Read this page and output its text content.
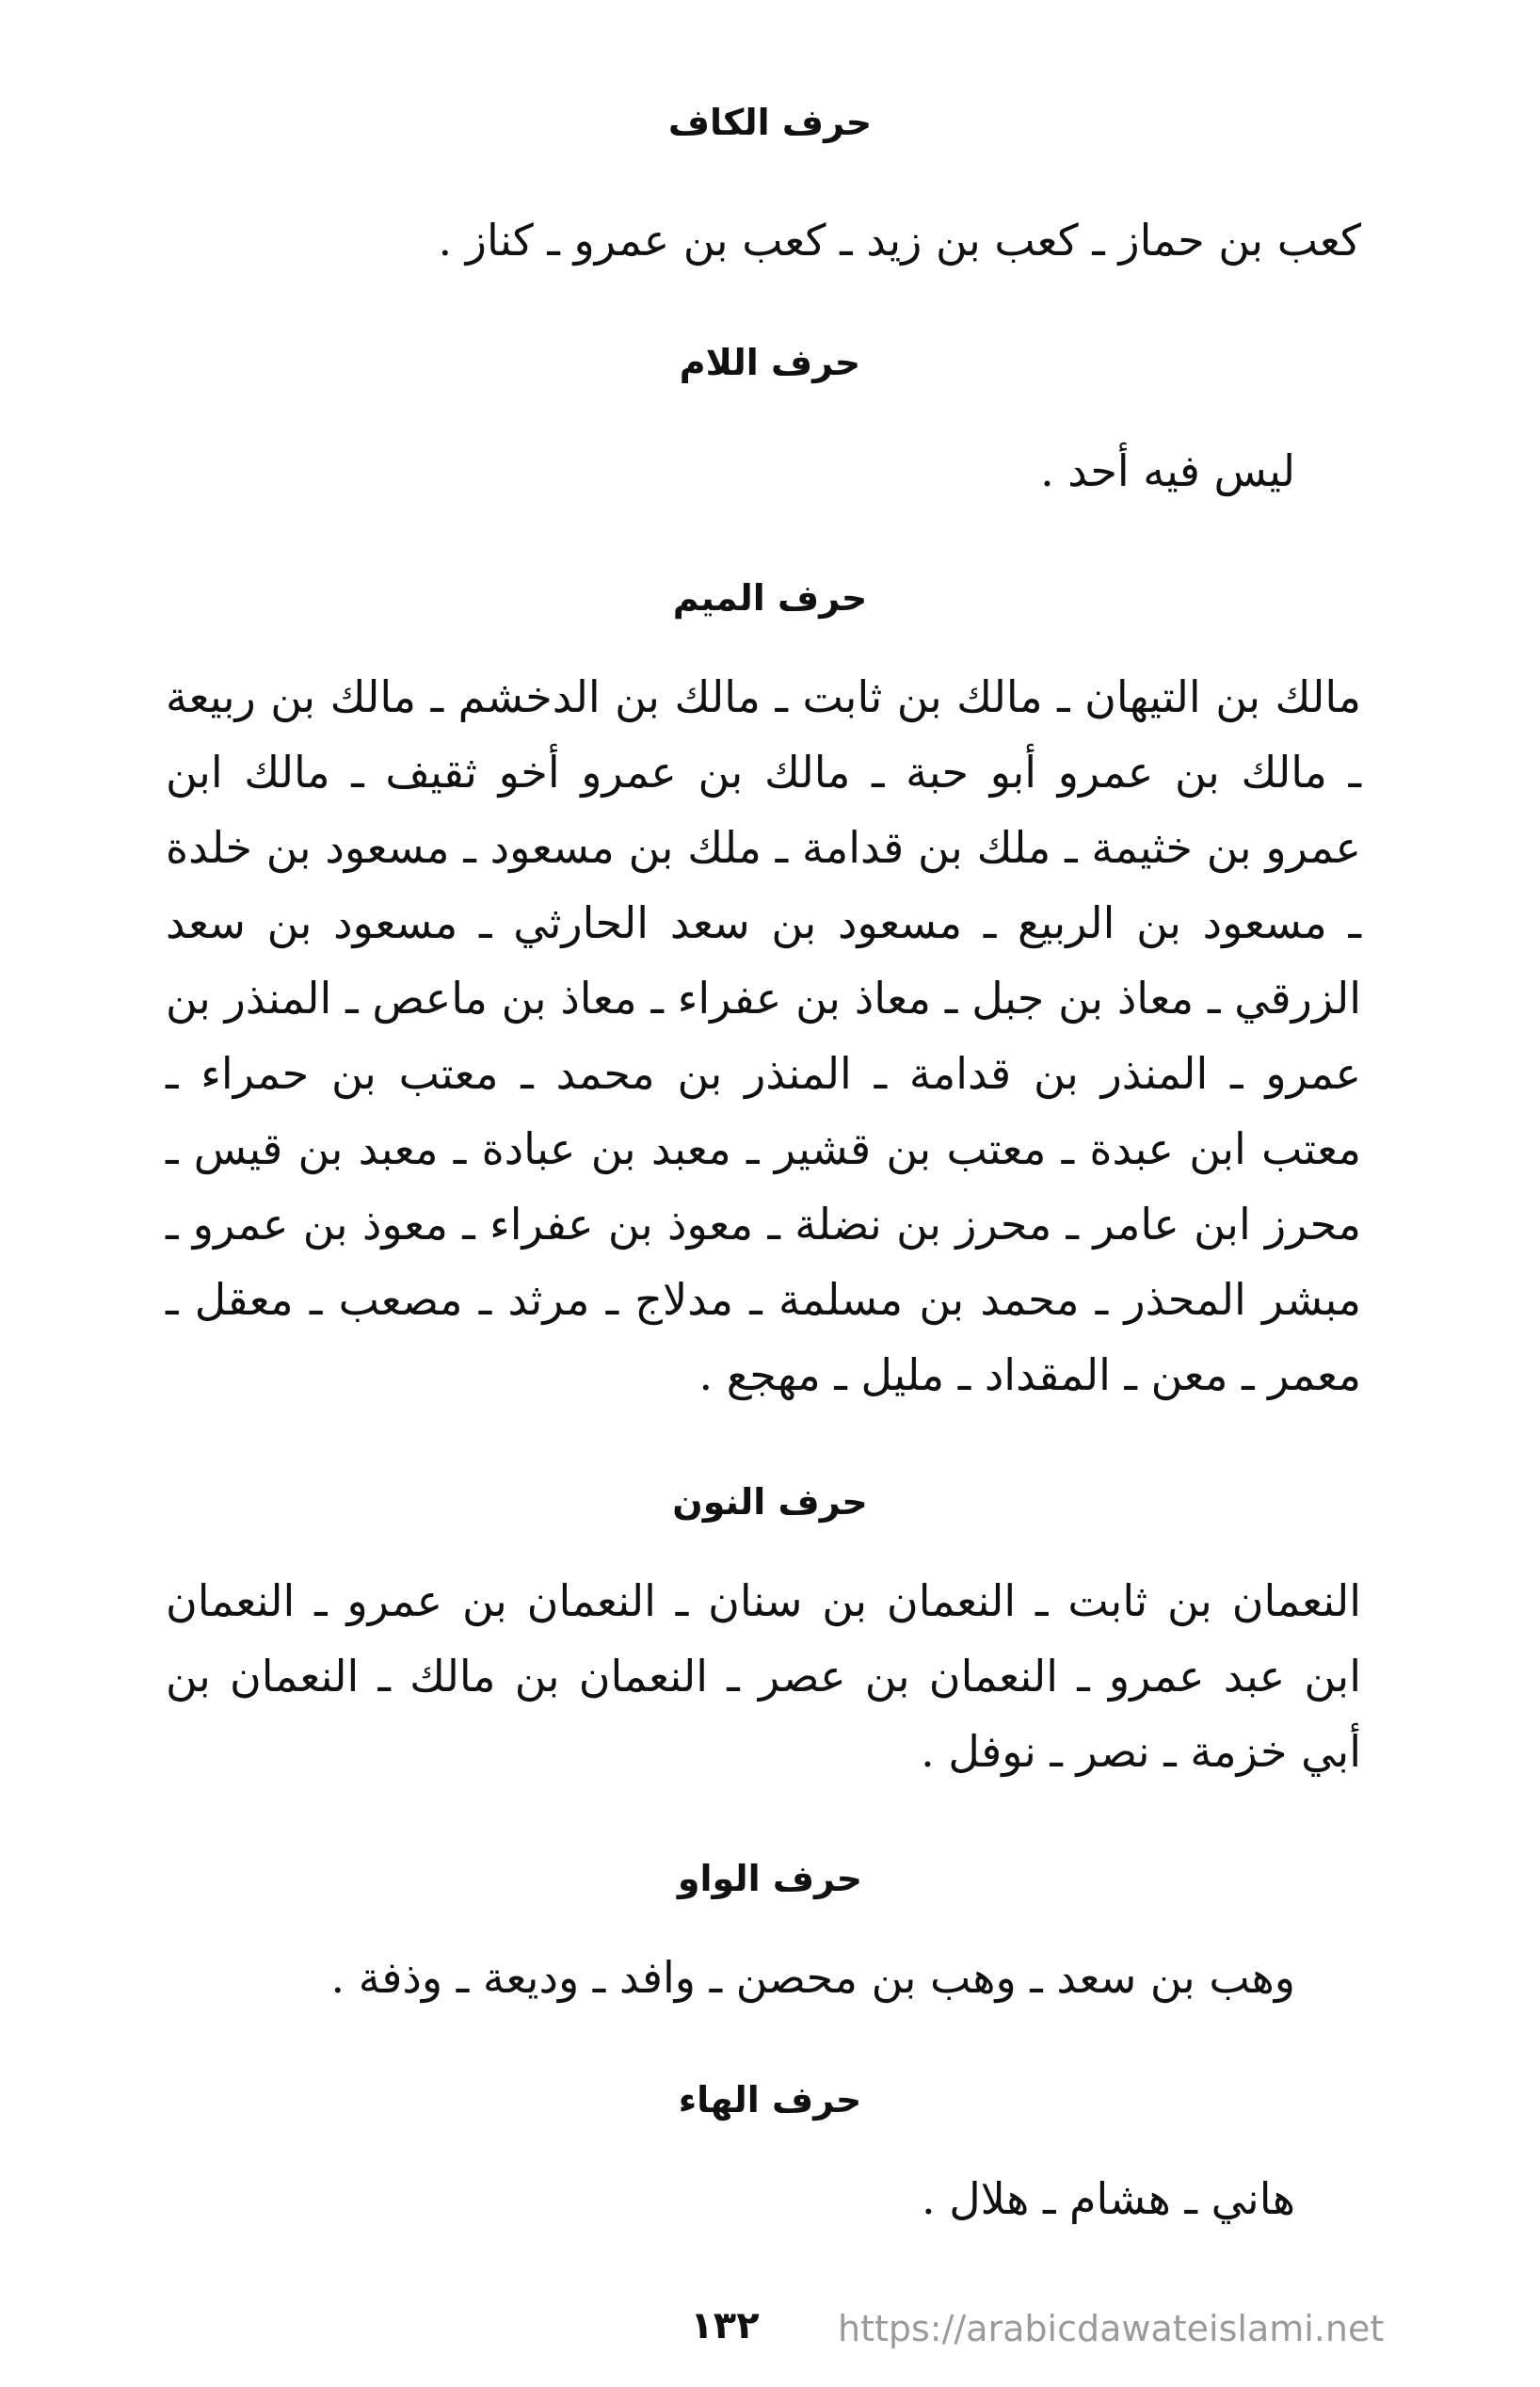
حرف الكاف

كعب بن حماز ـ كعب بن زيد ـ كعب بن عمرو ـ كناز .

حرف اللام

ليس فيه أحد .

حرف الميم

مالك بن التيهان ـ مالك بن ثابت ـ مالك بن الدخشم ـ مالك بن ربيعة ـ مالك بن عمرو أبو حبة ـ مالك بن عمرو أخو ثقيف ـ مالك ابن عمرو بن خثيمة ـ ملك بن قدامة ـ ملك بن مسعود ـ مسعود بن خلدة ـ مسعود بن الربيع ـ مسعود بن سعد الحارثي ـ مسعود بن سعد الزرقي ـ معاذ بن جبل ـ معاذ بن عفراء ـ معاذ بن ماعص ـ المنذر بن عمرو ـ المنذر بن قدامة ـ المنذر بن محمد ـ معتب بن حمراء ـ معتب ابن عبدة ـ معتب بن قشير ـ معبد بن عبادة ـ معبد بن قيس ـ محرز ابن عامر ـ محرز بن نضلة ـ معوذ بن عفراء ـ معوذ بن عمرو ـ مبشر المحذر ـ محمد بن مسلمة ـ مدلاج ـ مرثد ـ مصعب ـ معقل ـ معمر ـ معن ـ المقداد ـ مليل ـ مهجع .

حرف النون

النعمان بن ثابت ـ النعمان بن سنان ـ النعمان بن عمرو ـ النعمان ابن عبد عمرو ـ النعمان بن عصر ـ النعمان بن مالك ـ النعمان بن أبي خزمة ـ نصر ـ نوفل .

حرف الواو

وهب بن سعد ـ وهب بن محصن ـ وافد ـ وديعة ـ وذفة .

حرف الهاء

هاني ـ هشام ـ هلال .

١٣٢	https://arabicdawateislami.net
